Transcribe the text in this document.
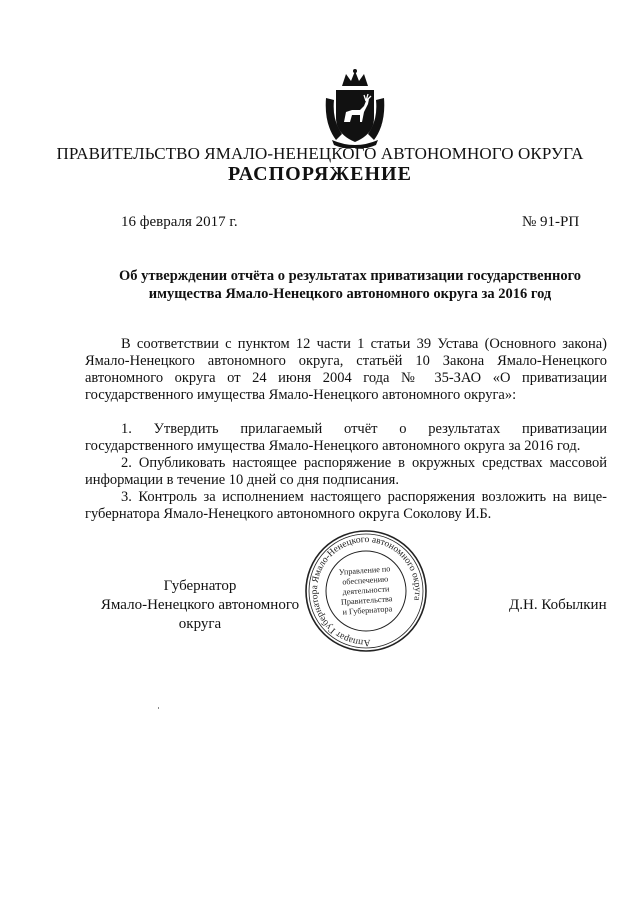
ПРАВИТЕЛЬСТВО ЯМАЛО-НЕНЕЦКОГО АВТОНОМНОГО ОКРУГА
РАСПОРЯЖЕНИЕ
16 февраля 2017 г.	№ 91-РП
Об утверждении отчёта о результатах приватизации государственного
имущества Ямало-Ненецкого автономного округа за 2016 год

В соответствии с пунктом 12 части 1 статьи 39 Устава (Основного закона) Ямало-Ненецкого автономного округа, статьёй 10 Закона Ямало-Ненецкого автономного округа от 24 июня 2004 года № 35-ЗАО «О приватизации государственного имущества Ямало-Ненецкого автономного округа»:

1. Утвердить прилагаемый отчёт о результатах приватизации государственного имущества Ямало-Ненецкого автономного округа за 2016 год.

2. Опубликовать настоящее распоряжение в окружных средствах массовой информации в течение 10 дней со дня подписания.

3. Контроль за исполнением настоящего распоряжения возложить на вице-губернатора Ямало-Ненецкого автономного округа Соколову И.Б.

Губернатор
Ямало-Ненецкого автономного округа
Аппарат Губернатора Ямало-Ненецкого автономного округа
Управление по
обеспечению
деятельности
Правительства
и Губернатора	Д.Н. Кобылкин
